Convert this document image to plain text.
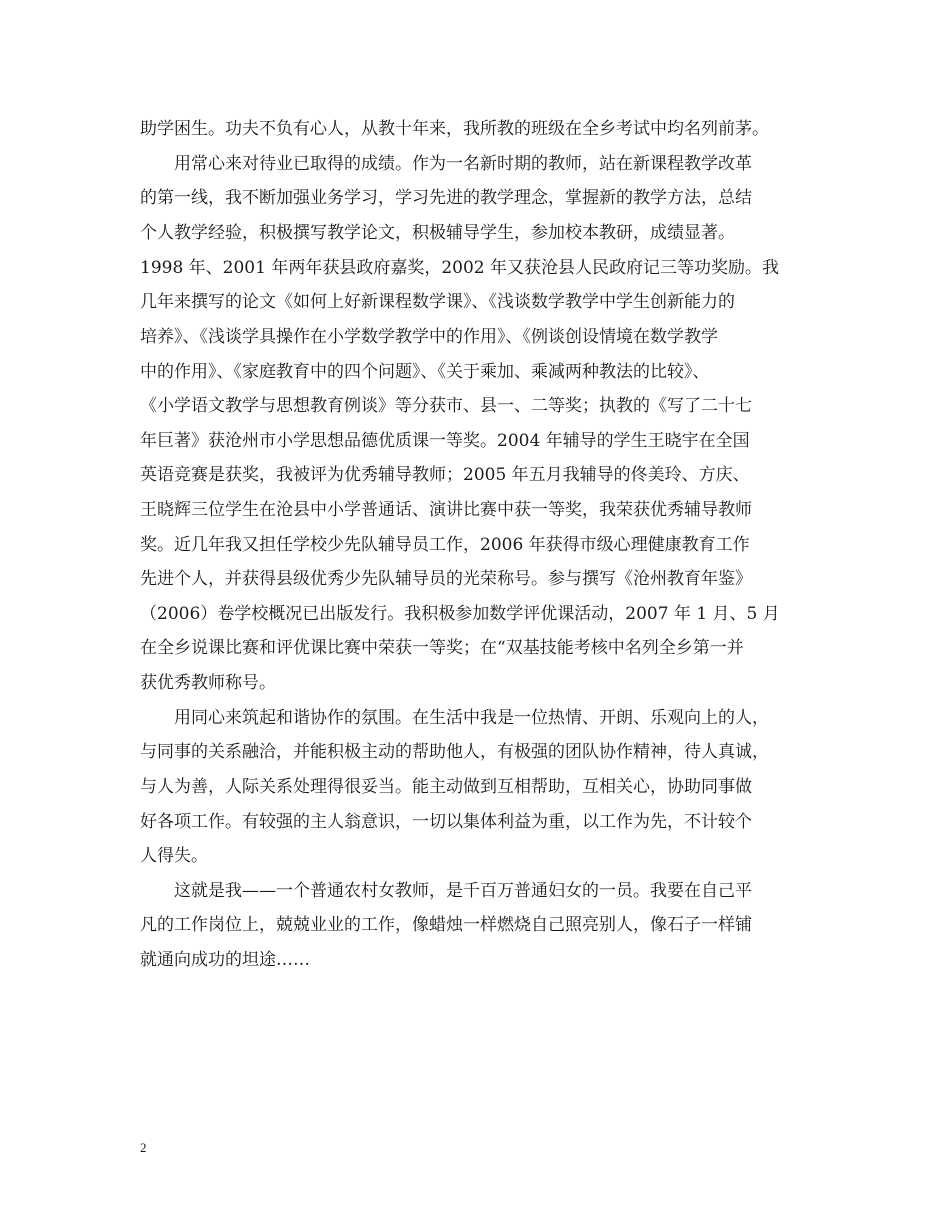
助学困生。功夫不负有心人，从教十年来，我所教的班级在全乡考试中均名列前茅。
用常心来对待业已取得的成绩。作为一名新时期的教师，站在新课程教学改革
的第一线，我不断加强业务学习，学习先进的教学理念，掌握新的教学方法，总结
个人教学经验，积极撰写教学论文，积极辅导学生，参加校本教研，成绩显著。
1998 年、2001 年两年获县政府嘉奖，2002 年又获沧县人民政府记三等功奖励。我
几年来撰写的论文《如何上好新课程数学课》、《浅谈数学教学中学生创新能力的
培养》、《浅谈学具操作在小学数学教学中的作用》、《例谈创设情境在数学教学
中的作用》、《家庭教育中的四个问题》、《关于乘加、乘减两种教法的比较》、
《小学语文教学与思想教育例谈》等分获市、县一、二等奖；执教的《写了二十七
年巨著》获沧州市小学思想品德优质课一等奖。2004 年辅导的学生王晓宇在全国
英语竞赛是获奖，我被评为优秀辅导教师；2005 年五月我辅导的佟美玲、方庆、
王晓辉三位学生在沧县中小学普通话、演讲比赛中获一等奖，我荣获优秀辅导教师
奖。近几年我又担任学校少先队辅导员工作，2006 年获得市级心理健康教育工作
先进个人，并获得县级优秀少先队辅导员的光荣称号。参与撰写《沧州教育年鉴》
（2006）卷学校概况已出版发行。我积极参加数学评优课活动，2007 年 1 月、5 月
在全乡说课比赛和评优课比赛中荣获一等奖；在“双基技能考核中名列全乡第一并
获优秀教师称号。
用同心来筑起和谐协作的氛围。在生活中我是一位热情、开朗、乐观向上的人，
与同事的关系融洽，并能积极主动的帮助他人，有极强的团队协作精神，待人真诚，
与人为善，人际关系处理得很妥当。能主动做到互相帮助，互相关心，协助同事做
好各项工作。有较强的主人翁意识，一切以集体利益为重，以工作为先，不计较个
人得失。
这就是我——一个普通农村女教师，是千百万普通妇女的一员。我要在自己平
凡的工作岗位上，兢兢业业的工作，像蜡烛一样燃烧自己照亮别人，像石子一样铺
就通向成功的坦途……
2
